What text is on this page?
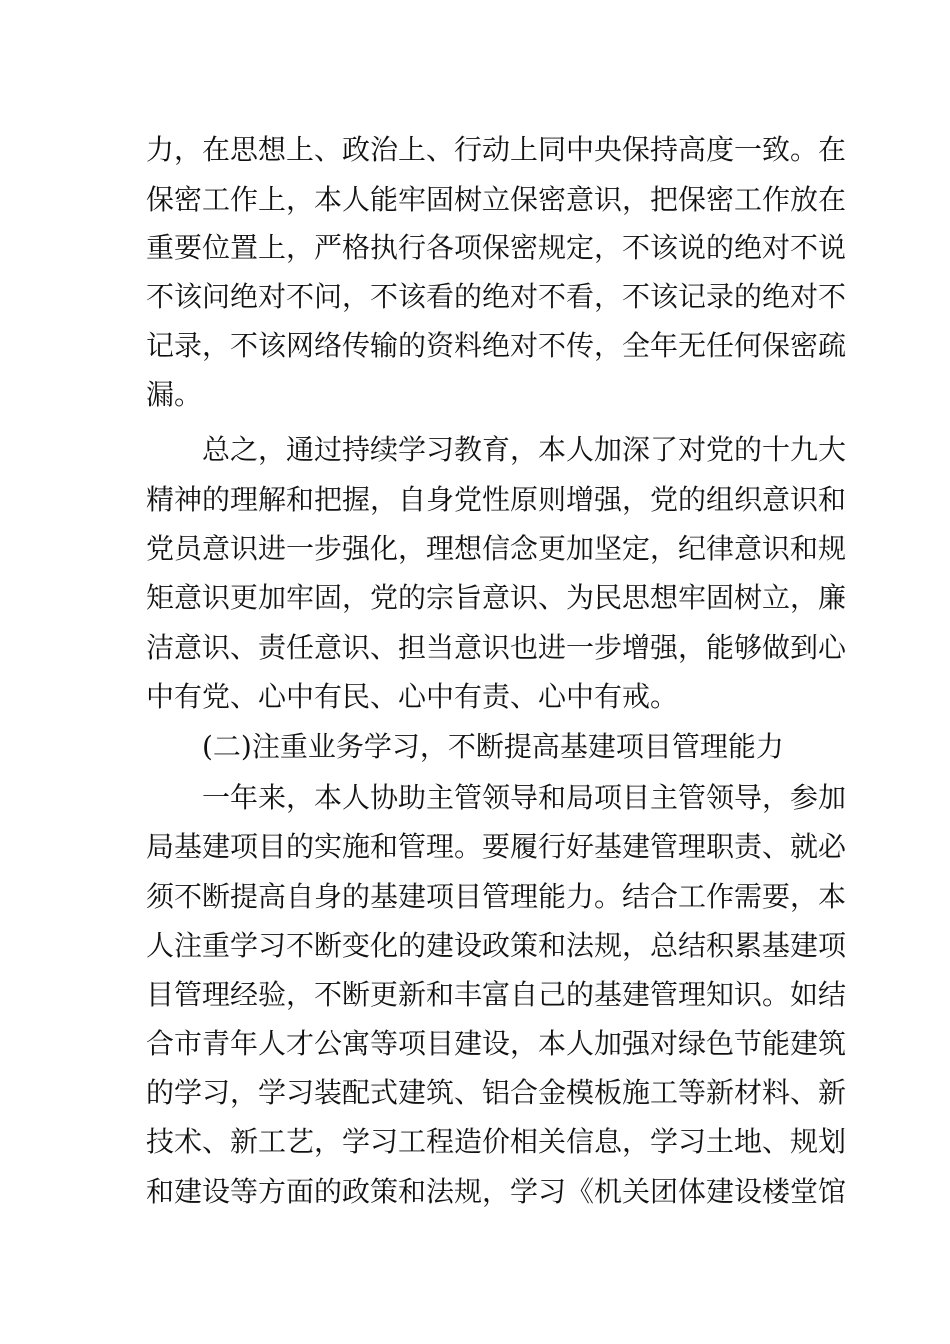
力，在思想上、政治上、行动上同中央保持高度一致。在
保密工作上，本人能牢固树立保密意识，把保密工作放在
重要位置上，严格执行各项保密规定，不该说的绝对不说
不该问绝对不问，不该看的绝对不看，不该记录的绝对不
记录，不该网络传输的资料绝对不传，全年无任何保密疏
漏。
总之，通过持续学习教育，本人加深了对党的十九大
精神的理解和把握，自身党性原则增强，党的组织意识和
党员意识进一步强化，理想信念更加坚定，纪律意识和规
矩意识更加牢固，党的宗旨意识、为民思想牢固树立，廉
洁意识、责任意识、担当意识也进一步增强，能够做到心
中有党、心中有民、心中有责、心中有戒。
(二)注重业务学习，不断提高基建项目管理能力
一年来，本人协助主管领导和局项目主管领导，参加
局基建项目的实施和管理。要履行好基建管理职责、就必
须不断提高自身的基建项目管理能力。结合工作需要，本
人注重学习不断变化的建设政策和法规，总结积累基建项
目管理经验，不断更新和丰富自己的基建管理知识。如结
合市青年人才公寓等项目建设，本人加强对绿色节能建筑
的学习，学习装配式建筑、铝合金模板施工等新材料、新
技术、新工艺，学习工程造价相关信息，学习土地、规划
和建设等方面的政策和法规，学习《机关团体建设楼堂馆
